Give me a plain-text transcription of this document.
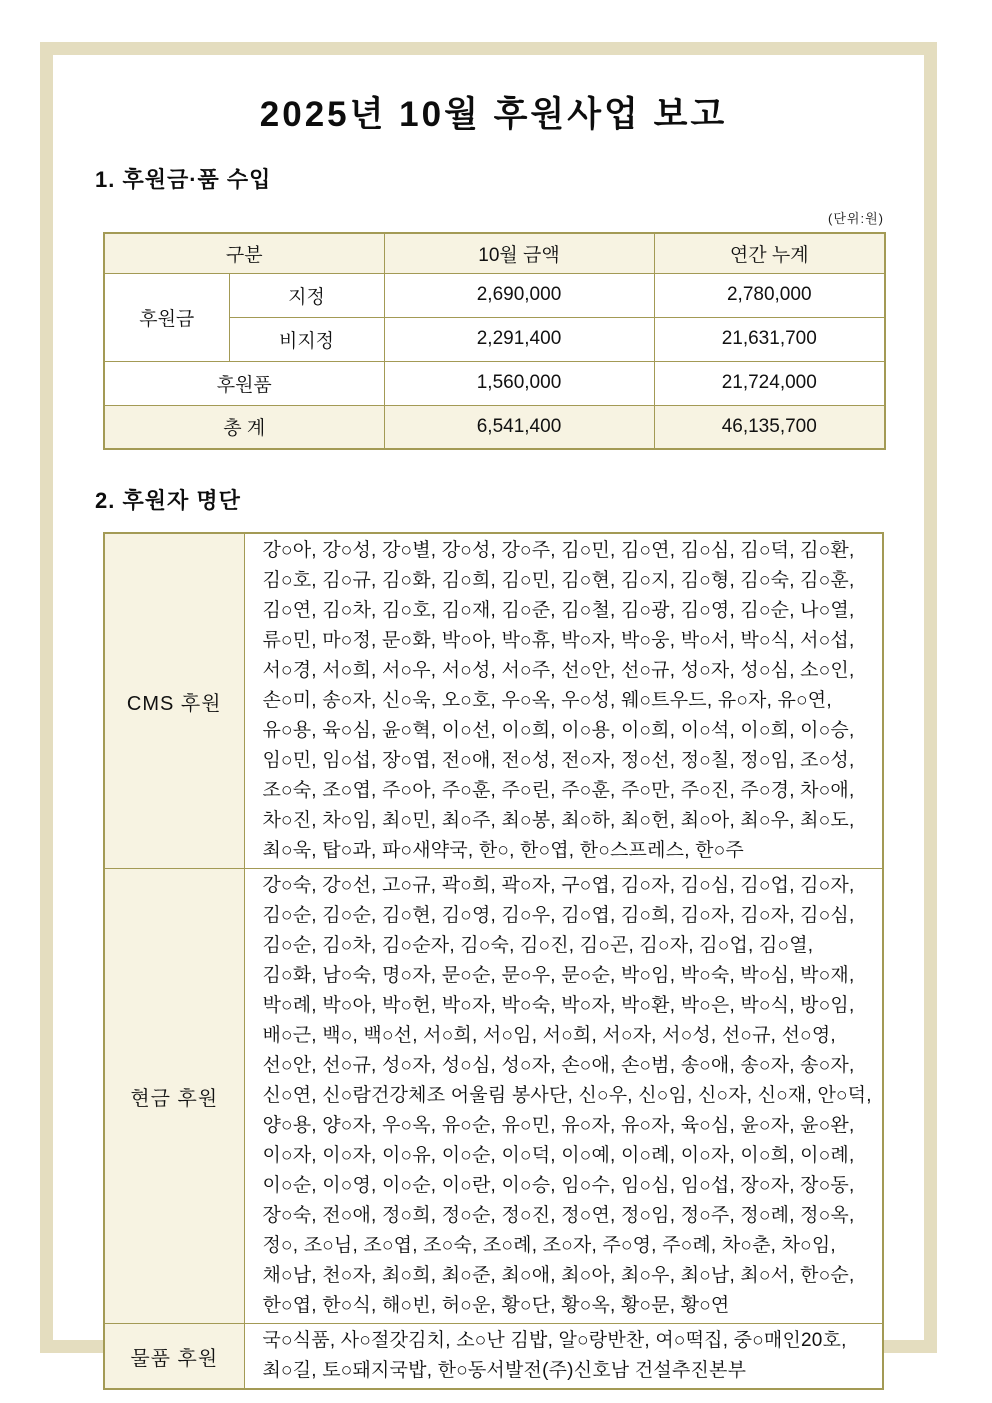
2025년 10월 후원사업 보고
1. 후원금·품 수입
(단위:원)
구분		10월 금액	연간 누계
후원금	지정	2,690,000	2,780,000
	비지정	2,291,400	21,631,700
후원품		1,560,000	21,724,000
총 계		6,541,400	46,135,700
2. 후원자 명단
CMS 후원	
강○아, 강○성, 강○별, 강○성, 강○주, 김○민, 김○연, 김○심, 김○덕, 김○환,
김○호, 김○규, 김○화, 김○희, 김○민, 김○현, 김○지, 김○형, 김○숙, 김○훈,
김○연, 김○차, 김○호, 김○재, 김○준, 김○철, 김○광, 김○영, 김○순, 나○열,
류○민, 마○정, 문○화, 박○아, 박○휴, 박○자, 박○웅, 박○서, 박○식, 서○섭,
서○경, 서○희, 서○우, 서○성, 서○주, 선○안, 선○규, 성○자, 성○심, 소○인,
손○미, 송○자, 신○욱, 오○호, 우○옥, 우○성, 웨○트우드, 유○자, 유○연,
유○용, 육○심, 윤○혁, 이○선, 이○희, 이○용, 이○희, 이○석, 이○희, 이○승,
임○민, 임○섭, 장○엽, 전○애, 전○성, 전○자, 정○선, 정○칠, 정○임, 조○성,
조○숙, 조○엽, 주○아, 주○훈, 주○린, 주○훈, 주○만, 주○진, 주○경, 차○애,
차○진, 차○임, 최○민, 최○주, 최○봉, 최○하, 최○헌, 최○아, 최○우, 최○도,
최○욱, 탑○과, 파○새약국, 한○, 한○엽, 한○스프레스, 한○주

현금 후원	
강○숙, 강○선, 고○규, 곽○희, 곽○자, 구○엽, 김○자, 김○심, 김○업, 김○자,
김○순, 김○순, 김○현, 김○영, 김○우, 김○엽, 김○희, 김○자, 김○자, 김○심,
김○순, 김○차, 김○순자, 김○숙, 김○진, 김○곤, 김○자, 김○업, 김○열,
김○화, 남○숙, 명○자, 문○순, 문○우, 문○순, 박○임, 박○숙, 박○심, 박○재,
박○례, 박○아, 박○헌, 박○자, 박○숙, 박○자, 박○환, 박○은, 박○식, 방○임,
배○근, 백○, 백○선, 서○희, 서○임, 서○희, 서○자, 서○성, 선○규, 선○영,
선○안, 선○규, 성○자, 성○심, 성○자, 손○애, 손○범, 송○애, 송○자, 송○자,
신○연, 신○람건강체조 어울림 봉사단, 신○우, 신○임, 신○자, 신○재, 안○덕,
양○용, 양○자, 우○옥, 유○순, 유○민, 유○자, 유○자, 육○심, 윤○자, 윤○완,
이○자, 이○자, 이○유, 이○순, 이○덕, 이○예, 이○례, 이○자, 이○희, 이○례,
이○순, 이○영, 이○순, 이○란, 이○승, 임○수, 임○심, 임○섭, 장○자, 장○동,
장○숙, 전○애, 정○희, 정○순, 정○진, 정○연, 정○임, 정○주, 정○례, 정○옥,
정○, 조○님, 조○엽, 조○숙, 조○례, 조○자, 주○영, 주○례, 차○춘, 차○임,
채○남, 천○자, 최○희, 최○준, 최○애, 최○아, 최○우, 최○남, 최○서, 한○순,
한○엽, 한○식, 해○빈, 허○운, 황○단, 황○옥, 황○문, 황○연

물품 후원	국○식품, 사○절갓김치, 소○난 김밥, 알○랑반찬, 여○떡집, 중○매인20호,
최○길, 토○돼지국밥, 한○동서발전(주)신호남 건설추진본부
